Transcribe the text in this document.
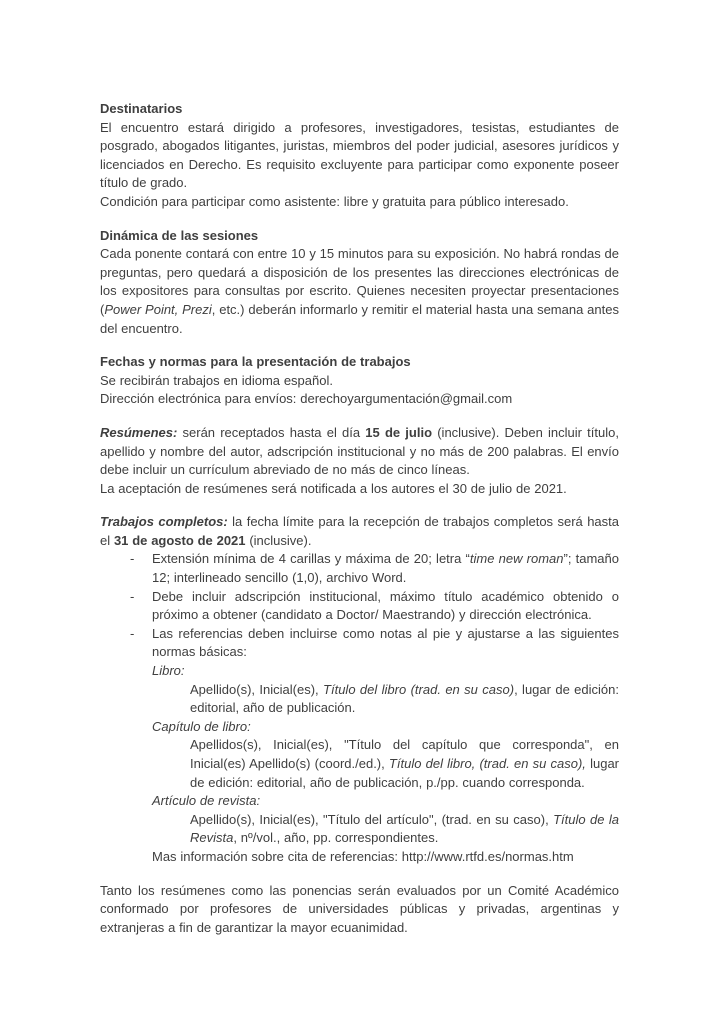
Destinatarios
El encuentro estará dirigido a profesores, investigadores, tesistas, estudiantes de posgrado, abogados litigantes, juristas, miembros del poder judicial, asesores jurídicos y licenciados en Derecho. Es requisito excluyente para participar como exponente poseer título de grado.
Condición para participar como asistente: libre y gratuita para público interesado.
Dinámica de las sesiones
Cada ponente contará con entre 10 y 15 minutos para su exposición. No habrá rondas de preguntas, pero quedará a disposición de los presentes las direcciones electrónicas de los expositores para consultas por escrito. Quienes necesiten proyectar presentaciones (Power Point, Prezi, etc.) deberán informarlo y remitir el material hasta una semana antes del encuentro.
Fechas y normas para la presentación de trabajos
Se recibirán trabajos en idioma español.
Dirección electrónica para envíos: derechoyargumentación@gmail.com
Resúmenes: serán receptados hasta el día 15 de julio (inclusive). Deben incluir título, apellido y nombre del autor, adscripción institucional y no más de 200 palabras. El envío debe incluir un currículum abreviado de no más de cinco líneas.
La aceptación de resúmenes será notificada a los autores el 30 de julio de 2021.
Trabajos completos: la fecha límite para la recepción de trabajos completos será hasta el 31 de agosto de 2021 (inclusive).
- Extensión mínima de 4 carillas y máxima de 20; letra “time new roman”; tamaño 12; interlineado sencillo (1,0), archivo Word.
- Debe incluir adscripción institucional, máximo título académico obtenido o próximo a obtener (candidato a Doctor/ Maestrando) y dirección electrónica.
- Las referencias deben incluirse como notas al pie y ajustarse a las siguientes normas básicas:
Libro:
Apellido(s), Inicial(es), Título del libro (trad. en su caso), lugar de edición: editorial, año de publicación.
Capítulo de libro:
Apellidos(s), Inicial(es), "Título del capítulo que corresponda", en Inicial(es) Apellido(s) (coord./ed.), Título del libro, (trad. en su caso), lugar de edición: editorial, año de publicación, p./pp. cuando corresponda.
Artículo de revista:
Apellido(s), Inicial(es), "Título del artículo", (trad. en su caso), Título de la Revista, nº/vol., año, pp. correspondientes.
Mas información sobre cita de referencias: http://www.rtfd.es/normas.htm
Tanto los resúmenes como las ponencias serán evaluados por un Comité Académico conformado por profesores de universidades públicas y privadas, argentinas y extranjeras a fin de garantizar la mayor ecuanimidad.
